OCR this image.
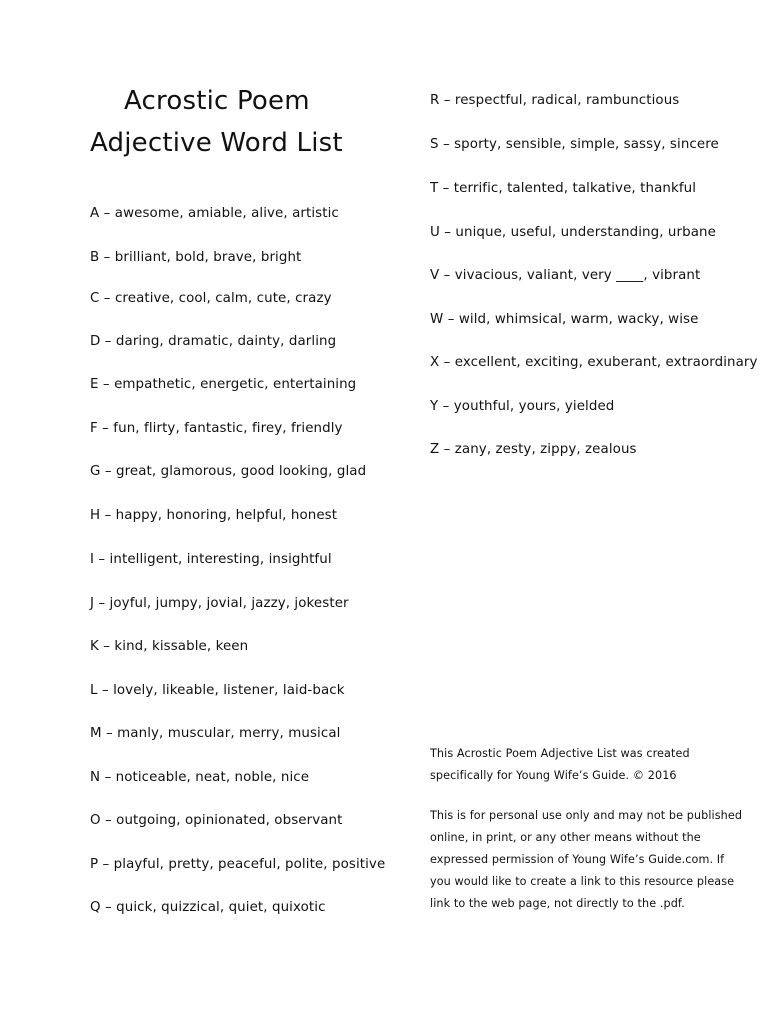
Acrostic Poem
Adjective Word List
A – awesome, amiable, alive, artistic
B – brilliant, bold, brave, bright
C – creative, cool, calm, cute, crazy
D – daring, dramatic, dainty, darling
E – empathetic, energetic, entertaining
F – fun, flirty, fantastic, firey, friendly
G – great, glamorous, good looking, glad
H – happy, honoring, helpful, honest
I – intelligent, interesting, insightful
J – joyful, jumpy, jovial, jazzy, jokester
K – kind, kissable, keen
L – lovely, likeable, listener, laid-back
M – manly, muscular, merry, musical
N – noticeable, neat, noble, nice
O – outgoing, opinionated, observant
P – playful, pretty, peaceful, polite, positive
Q – quick, quizzical, quiet, quixotic
R – respectful, radical, rambunctious
S – sporty, sensible, simple, sassy, sincere
T – terrific, talented, talkative, thankful
U – unique, useful, understanding, urbane
V – vivacious, valiant, very ____, vibrant
W – wild, whimsical, warm, wacky, wise
X – excellent, exciting, exuberant, extraordinary
Y – youthful, yours, yielded
Z – zany, zesty, zippy, zealous
This Acrostic Poem Adjective List was created
specifically for Young Wife’s Guide. © 2016
This is for personal use only and may not be published
online, in print, or any other means without the
expressed permission of Young Wife’s Guide.com. If
you would like to create a link to this resource please
link to the web page, not directly to the .pdf.
